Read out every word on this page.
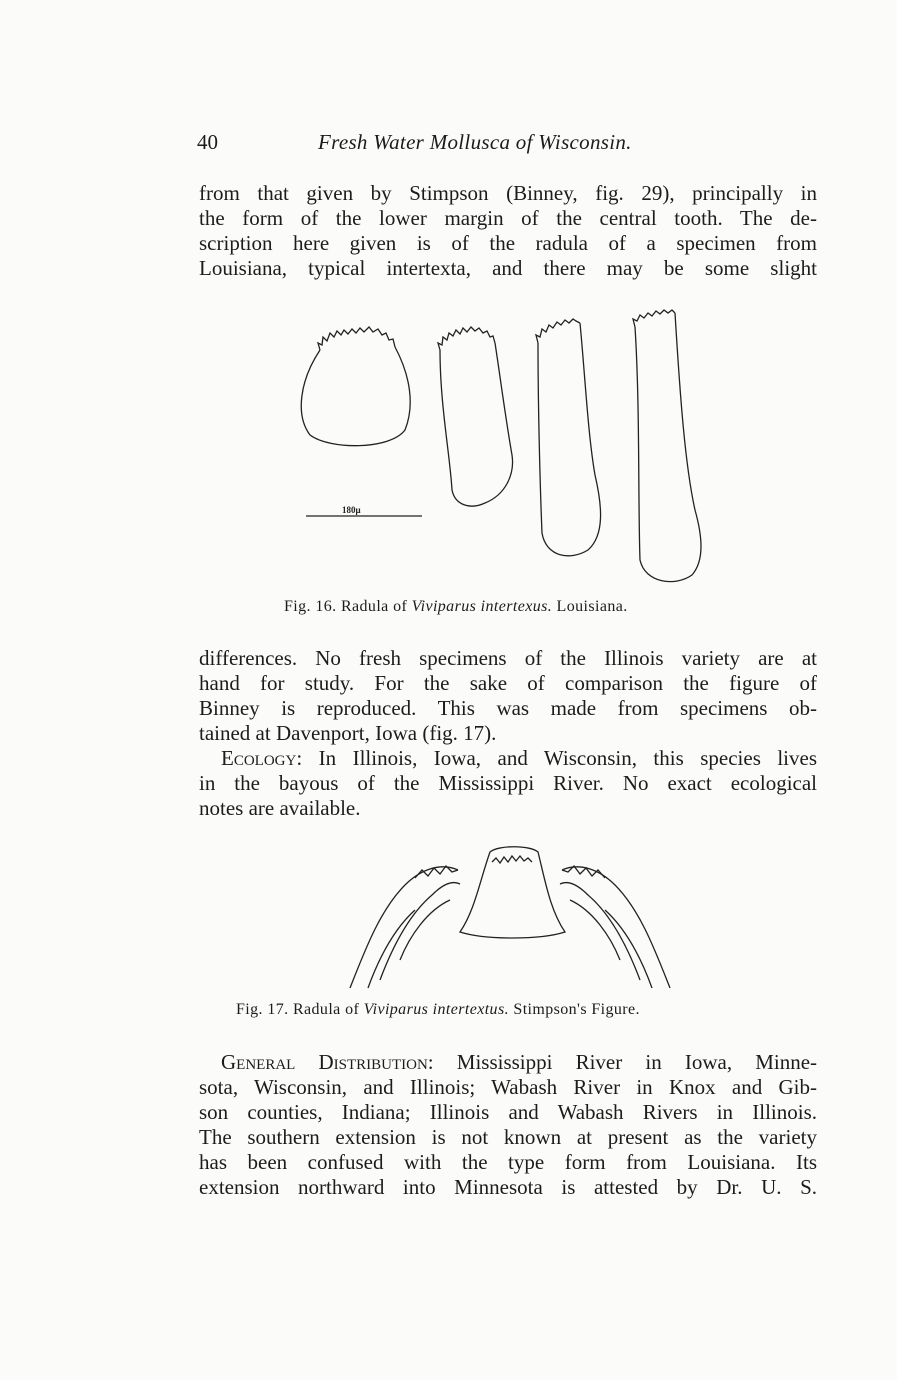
40	Fresh Water Mollusca of Wisconsin.
from that given by Stimpson (Binney, fig. 29), principally in
the form of the lower margin of the central tooth. The de-
scription here given is of the radula of a specimen from
Louisiana, typical intertexta, and there may be some slight
180μ
Fig. 16. Radula of Viviparus intertexus. Louisiana.
differences. No fresh specimens of the Illinois variety are at
hand for study. For the sake of comparison the figure of
Binney is reproduced. This was made from specimens ob-
tained at Davenport, Iowa (fig. 17).
Ecology: In Illinois, Iowa, and Wisconsin, this species lives
in the bayous of the Mississippi River. No exact ecological
notes are available.
Fig. 17. Radula of Viviparus intertextus. Stimpson's Figure.
General Distribution: Mississippi River in Iowa, Minne-
sota, Wisconsin, and Illinois; Wabash River in Knox and Gib-
son counties, Indiana; Illinois and Wabash Rivers in Illinois.
The southern extension is not known at present as the variety
has been confused with the type form from Louisiana. Its
extension northward into Minnesota is attested by Dr. U. S.
